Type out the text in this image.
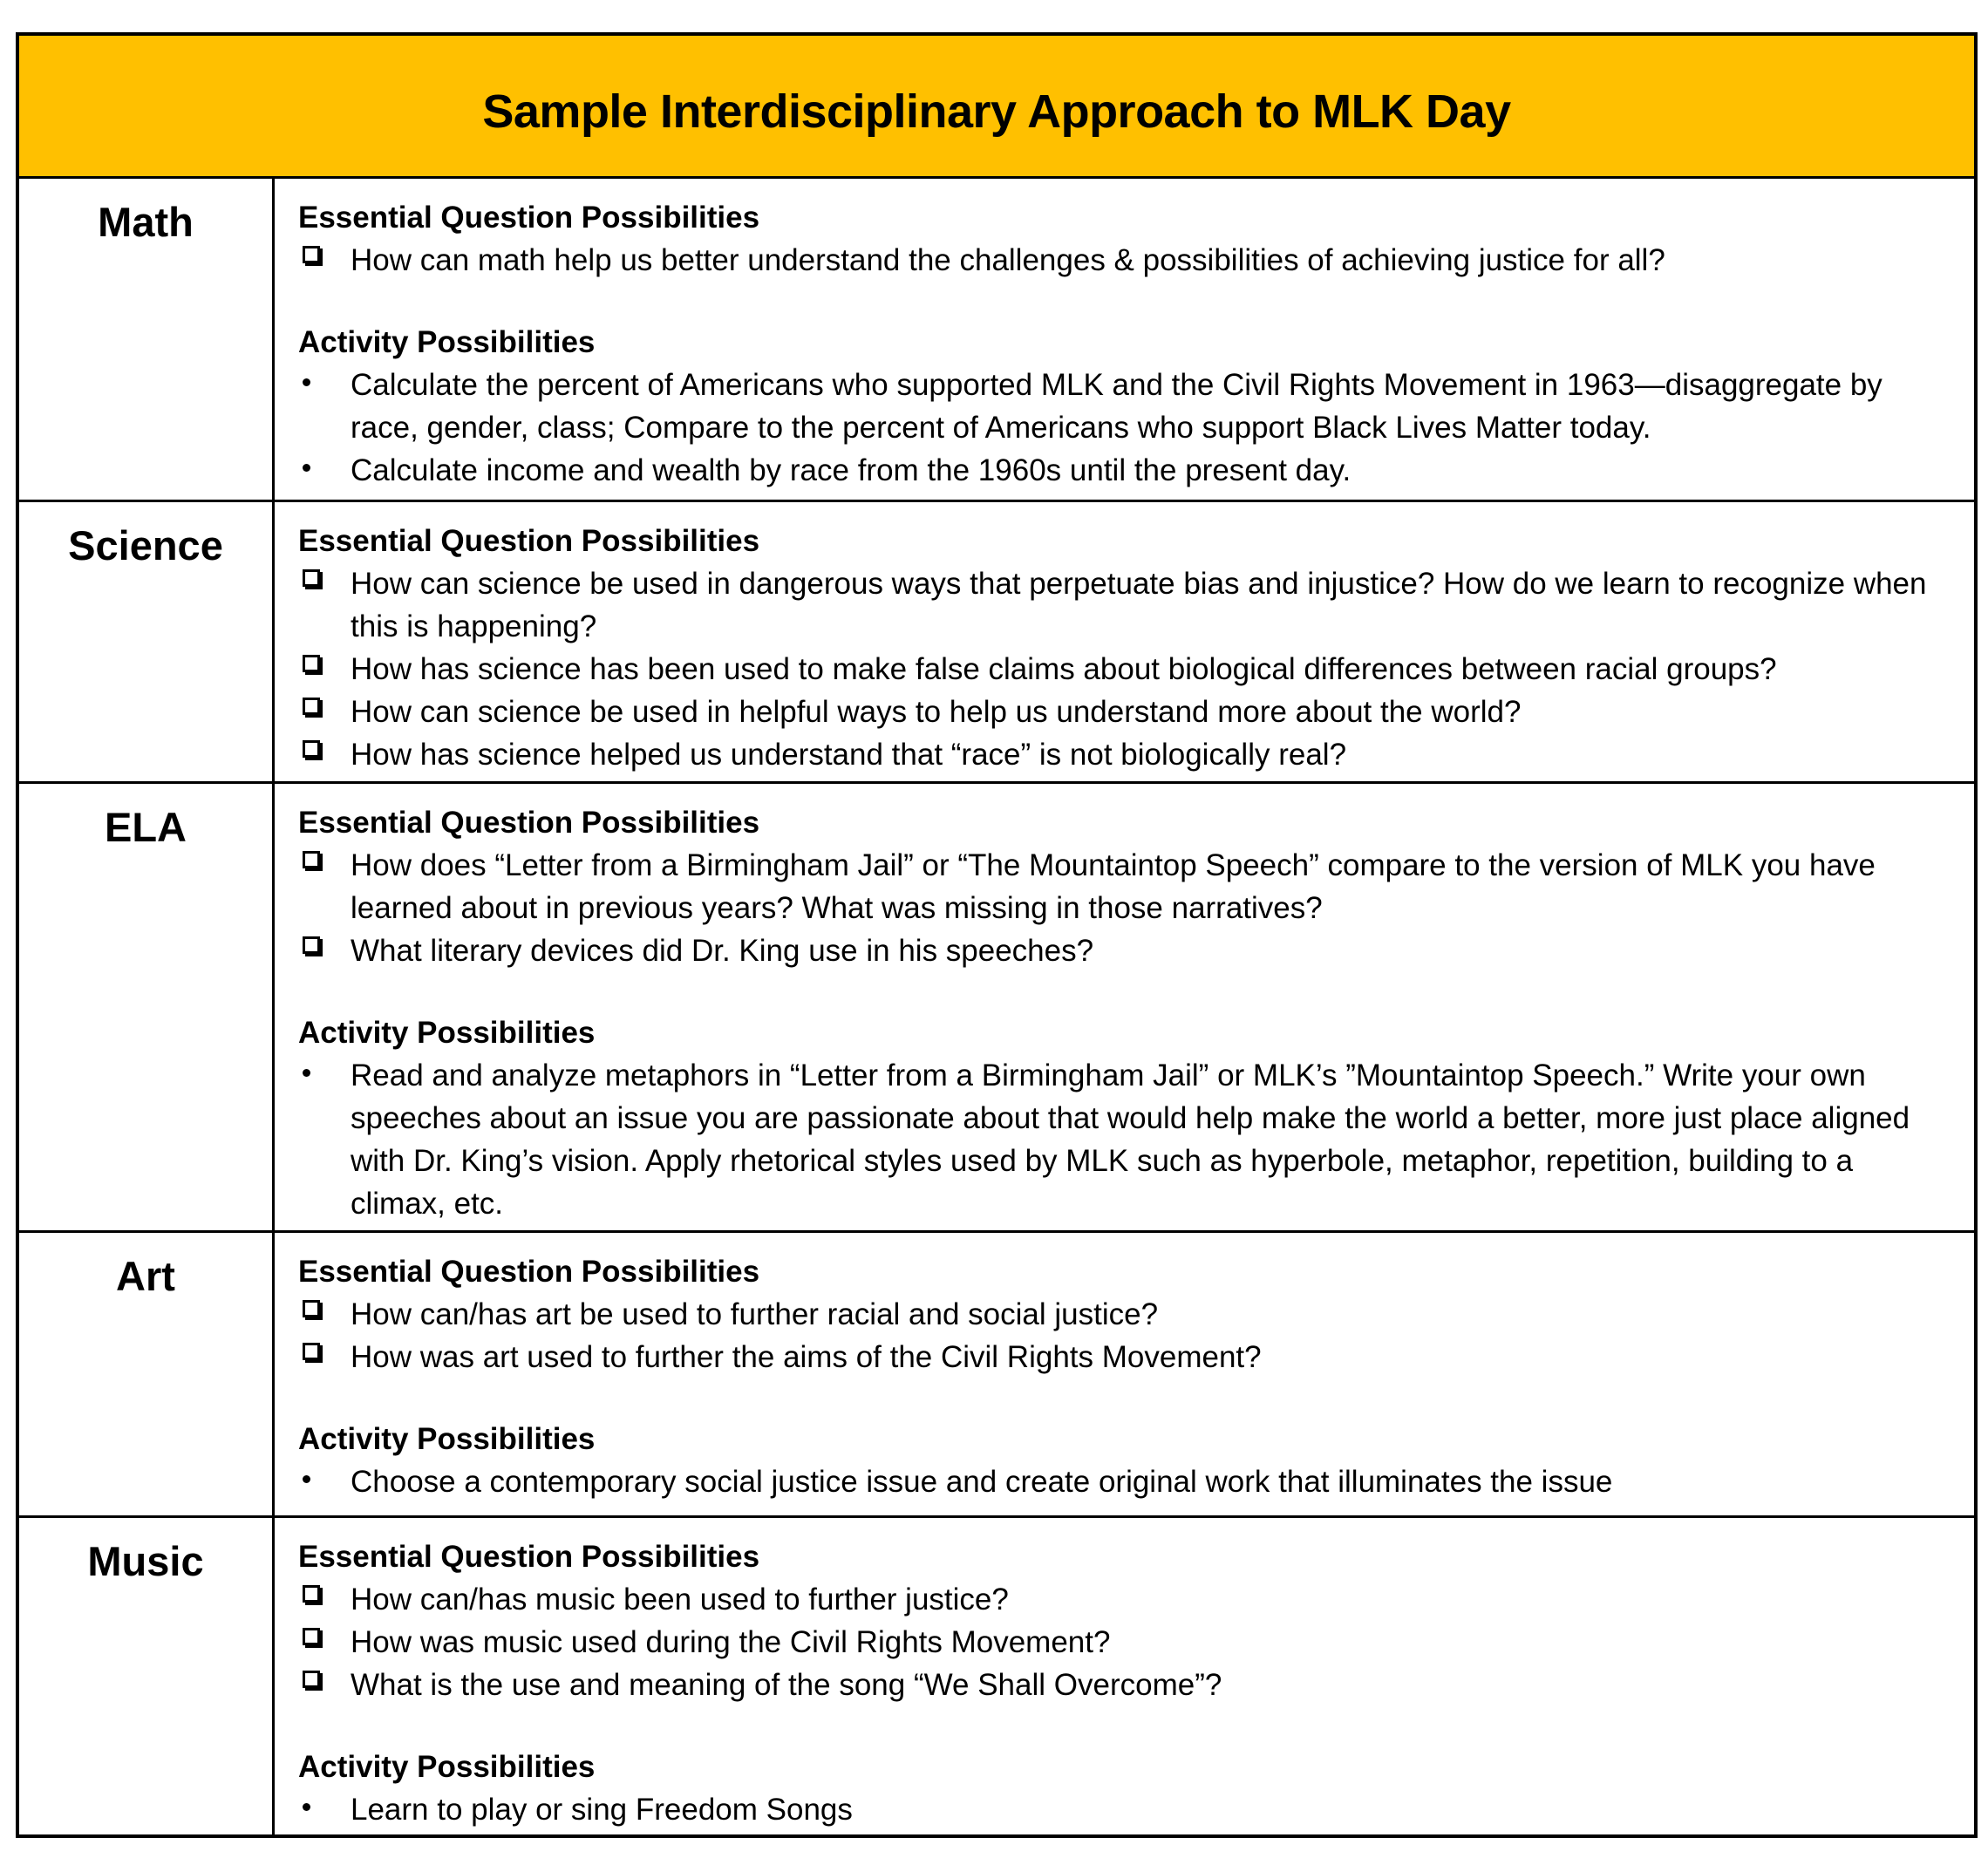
Sample Interdisciplinary Approach to MLK Day
Math	Essential Question Possibilities
How can math help us better understand the challenges & possibilities of achieving justice for all?
Activity Possibilities
Calculate the percent of Americans who supported MLK and the Civil Rights Movement in 1963—disaggregate by race, gender, class; Compare to the percent of Americans who support Black Lives Matter today.
Calculate income and wealth by race from the 1960s until the present day.
Science	Essential Question Possibilities
How can science be used in dangerous ways that perpetuate bias and injustice? How do we learn to recognize when this is happening?
How has science has been used to make false claims about biological differences between racial groups?
How can science be used in helpful ways to help us understand more about the world?
How has science helped us understand that “race” is not biologically real?
ELA	Essential Question Possibilities
How does “Letter from a Birmingham Jail” or “The Mountaintop Speech” compare to the version of MLK you have learned about in previous years? What was missing in those narratives?
What literary devices did Dr. King use in his speeches?
Activity Possibilities
Read and analyze metaphors in “Letter from a Birmingham Jail” or MLK’s ”Mountaintop Speech.” Write your own speeches about an issue you are passionate about that would help make the world a better, more just place aligned with Dr. King’s vision. Apply rhetorical styles used by MLK such as hyperbole, metaphor, repetition, building to a climax, etc.
Art	Essential Question Possibilities
How can/has art be used to further racial and social justice?
How was art used to further the aims of the Civil Rights Movement?
Activity Possibilities
Choose a contemporary social justice issue and create original work that illuminates the issue
Music	Essential Question Possibilities
How can/has music been used to further justice?
How was music used during the Civil Rights Movement?
What is the use and meaning of the song “We Shall Overcome”?
Activity Possibilities
Learn to play or sing Freedom Songs
